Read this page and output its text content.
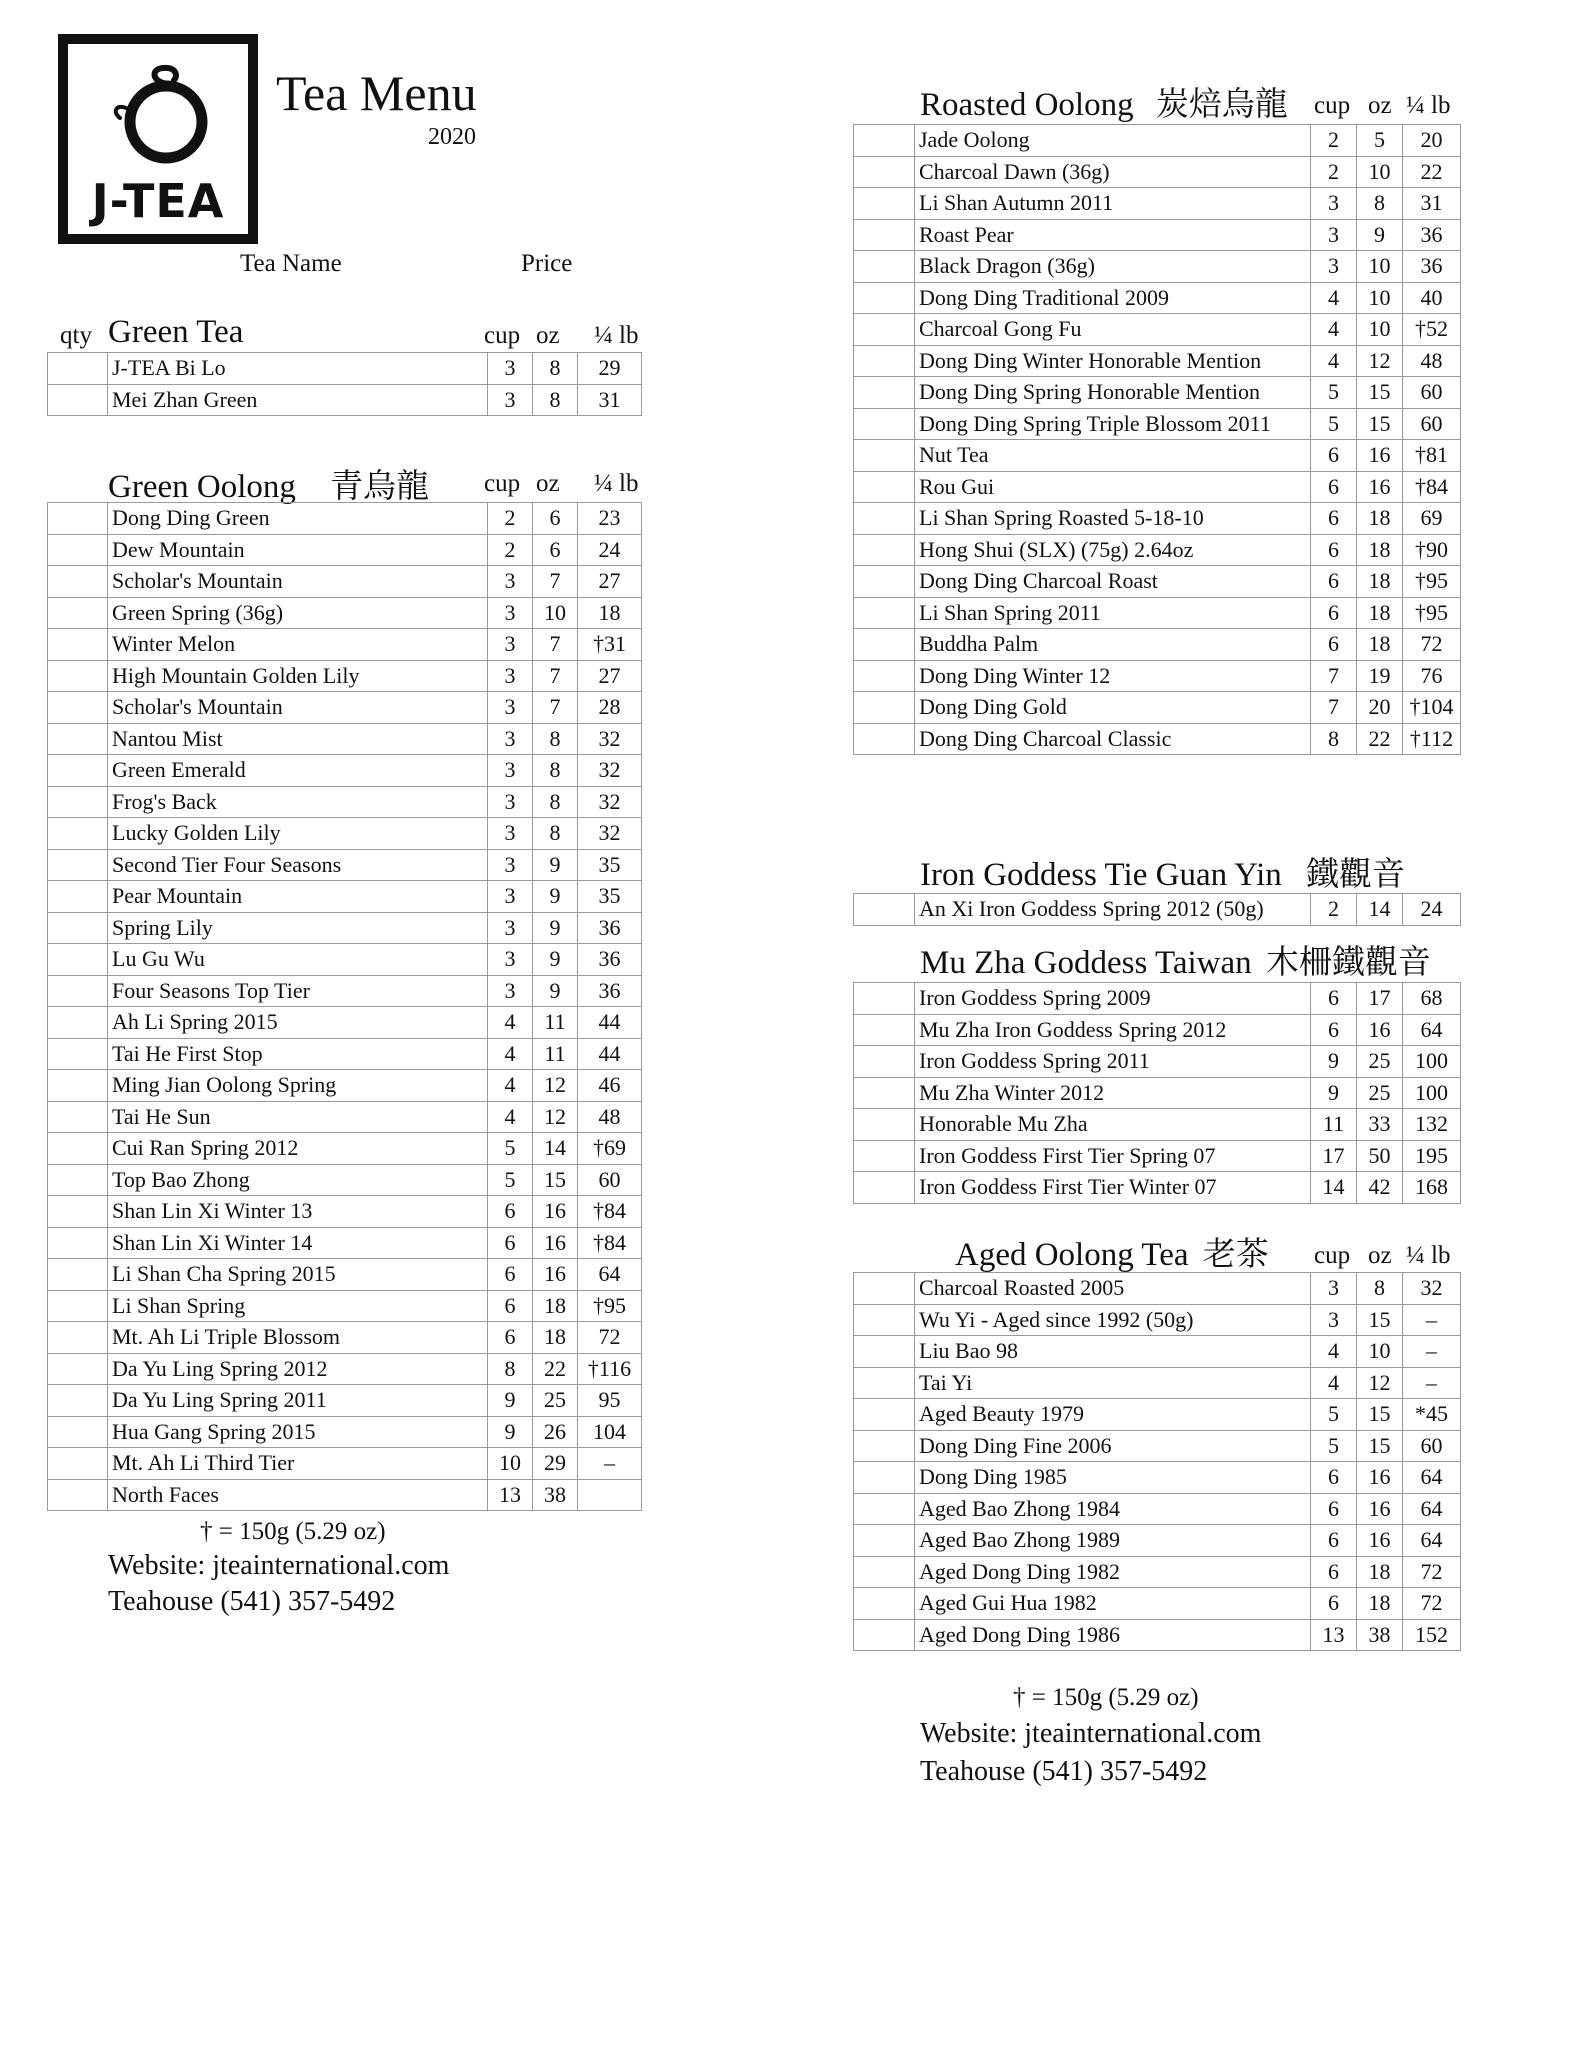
J-TEA
Tea Menu
2020
Tea Name	Price
qty Green Tea	cup oz ¼ lb
	J-TEA Bi Lo	3	8	29
	Mei Zhan Green	3	8	31
Green Oolong 青烏龍 cup oz ¼ lb
	Dong Ding Green	2	6	23
	Dew Mountain	2	6	24
	Scholar's Mountain	3	7	27
	Green Spring (36g)	3	10	18
	Winter Melon	3	7	†31
	High Mountain Golden Lily	3	7	27
	Scholar's Mountain	3	7	28
	Nantou Mist	3	8	32
	Green Emerald	3	8	32
	Frog's Back	3	8	32
	Lucky Golden Lily	3	8	32
	Second Tier Four Seasons	3	9	35
	Pear Mountain	3	9	35
	Spring Lily	3	9	36
	Lu Gu Wu	3	9	36
	Four Seasons Top Tier	3	9	36
	Ah Li Spring 2015	4	11	44
	Tai He First Stop	4	11	44
	Ming Jian Oolong Spring	4	12	46
	Tai He Sun	4	12	48
	Cui Ran Spring 2012	5	14	†69
	Top Bao Zhong	5	15	60
	Shan Lin Xi Winter 13	6	16	†84
	Shan Lin Xi Winter 14	6	16	†84
	Li Shan Cha Spring 2015	6	16	64
	Li Shan Spring	6	18	†95
	Mt. Ah Li Triple Blossom	6	18	72
	Da Yu Ling Spring 2012	8	22	†116
	Da Yu Ling Spring 2011	9	25	95
	Hua Gang Spring 2015	9	26	104
	Mt. Ah Li Third Tier	10	29	–
	North Faces	13	38	
† = 150g (5.29 oz)
Website: jteainternational.com
Teahouse (541) 357-5492
Roasted Oolong 炭焙烏龍 cup oz ¼ lb
	Jade Oolong	2	5	20
	Charcoal Dawn (36g)	2	10	22
	Li Shan Autumn 2011	3	8	31
	Roast Pear	3	9	36
	Black Dragon (36g)	3	10	36
	Dong Ding Traditional 2009	4	10	40
	Charcoal Gong Fu	4	10	†52
	Dong Ding Winter Honorable Mention	4	12	48
	Dong Ding Spring Honorable Mention	5	15	60
	Dong Ding Spring Triple Blossom 2011	5	15	60
	Nut Tea	6	16	†81
	Rou Gui	6	16	†84
	Li Shan Spring Roasted 5-18-10	6	18	69
	Hong Shui (SLX) (75g) 2.64oz	6	18	†90
	Dong Ding Charcoal Roast	6	18	†95
	Li Shan Spring 2011	6	18	†95
	Buddha Palm	6	18	72
	Dong Ding Winter 12	7	19	76
	Dong Ding Gold	7	20	†104
	Dong Ding Charcoal Classic	8	22	†112
Iron Goddess Tie Guan Yin 鐵觀音
	An Xi Iron Goddess Spring 2012 (50g)	2	14	24
Mu Zha Goddess Taiwan 木柵鐵觀音
	Iron Goddess Spring 2009	6	17	68
	Mu Zha Iron Goddess Spring 2012	6	16	64
	Iron Goddess Spring 2011	9	25	100
	Mu Zha Winter 2012	9	25	100
	Honorable Mu Zha	11	33	132
	Iron Goddess First Tier Spring 07	17	50	195
	Iron Goddess First Tier Winter 07	14	42	168
Aged Oolong Tea 老茶 cup oz ¼ lb
	Charcoal Roasted 2005	3	8	32
	Wu Yi - Aged since 1992 (50g)	3	15	–
	Liu Bao 98	4	10	–
	Tai Yi	4	12	–
	Aged Beauty 1979	5	15	*45
	Dong Ding Fine 2006	5	15	60
	Dong Ding 1985	6	16	64
	Aged Bao Zhong 1984	6	16	64
	Aged Bao Zhong 1989	6	16	64
	Aged Dong Ding 1982	6	18	72
	Aged Gui Hua 1982	6	18	72
	Aged Dong Ding 1986	13	38	152
† = 150g (5.29 oz)
Website: jteainternational.com
Teahouse (541) 357-5492
